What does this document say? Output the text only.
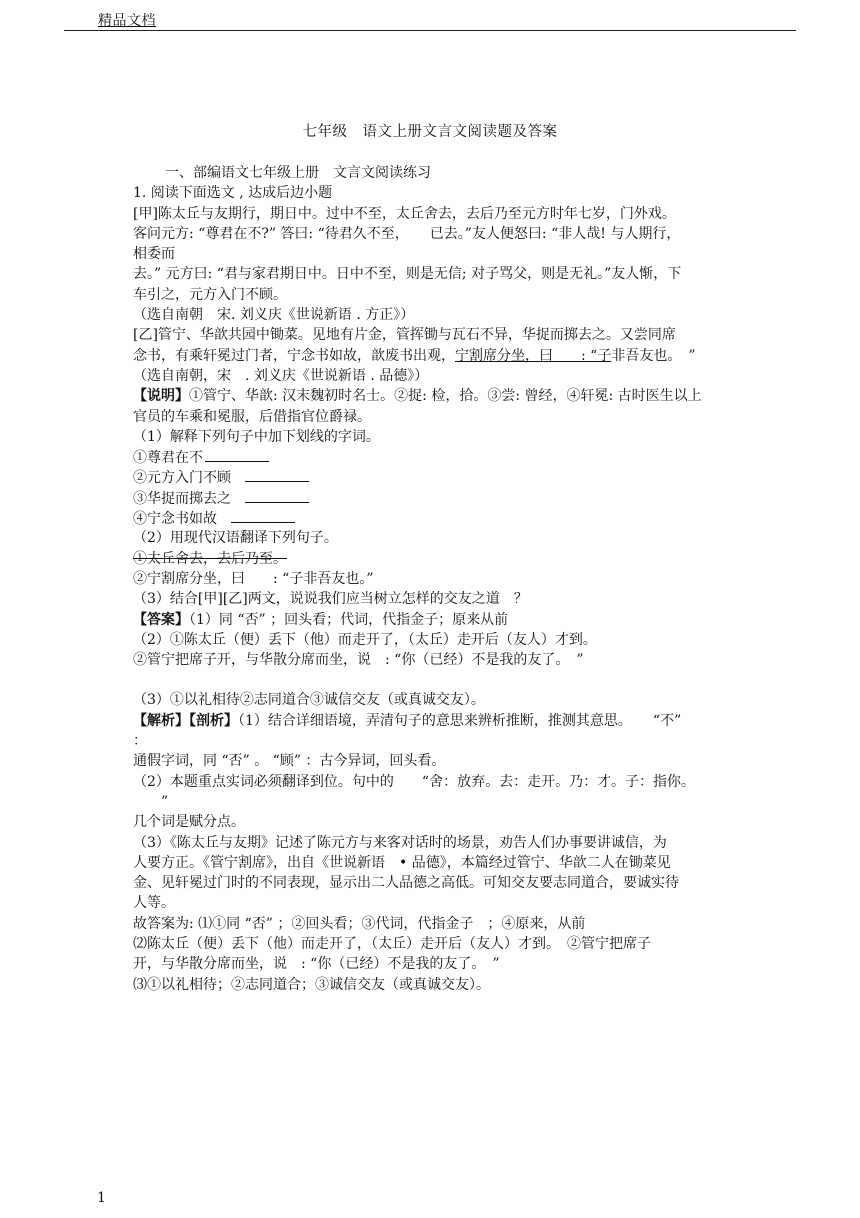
精品文档
七年级　语文上册文言文阅读题及答案
一、部编语文七年级上册　文言文阅读练习
1. 阅读下面选文 , 达成后边小题
[甲]陈太丘与友期行，期日中。过中不至，太丘舍去，去后乃至元方时年七岁，门外戏。
客问元方: “尊君在不?” 答曰: “待君久不至，　　已去。”友人便怒曰: “非人哉! 与人期行，
相委而
去。” 元方曰: “君与家君期日中。日中不至，则是无信; 对子骂父，则是无礼。”友人惭，下
车引之，元方入门不顾。
（选自南朝　宋. 刘义庆《世说新语 . 方正》）
[乙]管宁、华歆共园中锄菜。见地有片金，管挥锄与瓦石不异，华捉而掷去之。又尝同席
念书，有乘轩冕过门者，宁念书如故，歆废书出观，宁割席分坐，曰　　: “子非吾友也。　”
（选自南朝，宋　. 刘义庆《世说新语 . 品德》）
【说明】①管宁、华歆: 汉末魏初时名士。②捉: 检，拾。③尝: 曾经，④轩冕: 古时医生以上
官员的车乘和冕服，后借指官位爵禄。
（1）解释下列句子中加下划线的字词。
①尊君在不
②元方入门不顾
③华捉而掷去之
④宁念书如故
（2）用现代汉语翻译下列句子。
①太丘舍去，去后乃至。
②宁割席分坐，曰　　: “子非吾友也。”
（3）结合[甲][乙]两文，说说我们应当树立怎样的交友之道　？
【答案】（1）同 “否” ；回头看；代词，代指金子；原来从前
（2）①陈太丘（便）丢下（他）而走开了，（太丘）走开后（友人）才到。
②管宁把席子开，与华散分席而坐，说　: “你（已经）不是我的友了。　”
（3）①以礼相待②志同道合③诚信交友（或真诚交友）。
【解析】【剖析】（1）结合详细语境，弄清句子的意思来辨析推断，推测其意思。　　“不”
：
通假字词，同 “否” 。 “顾” ：古今异词，回头看。
（2）本题重点实词必须翻译到位。句中的　　“舍：放弃。去：走开。乃：才。子：指你。
　　”
几个词是赋分点。
（3）《陈太丘与友期》记述了陈元方与来客对话时的场景，劝告人们办事要讲诚信，为
人要方正。《管宁割席》，出自《世说新语　• 品德》，本篇经过管宁、华歆二人在锄菜见
金、见轩冕过门时的不同表现，显示出二人品德之高低。可知交友要志同道合，要诚实待
人等。
故答案为: ⑴①同 “否” ；②回头看；③代词，代指金子　；④原来，从前
⑵陈太丘（便）丢下（他）而走开了，（太丘）走开后（友人）才到。　②管宁把席子
开，与华散分席而坐，说　: “你（已经）不是我的友了。　”
⑶①以礼相待；②志同道合；③诚信交友（或真诚交友）。
1
